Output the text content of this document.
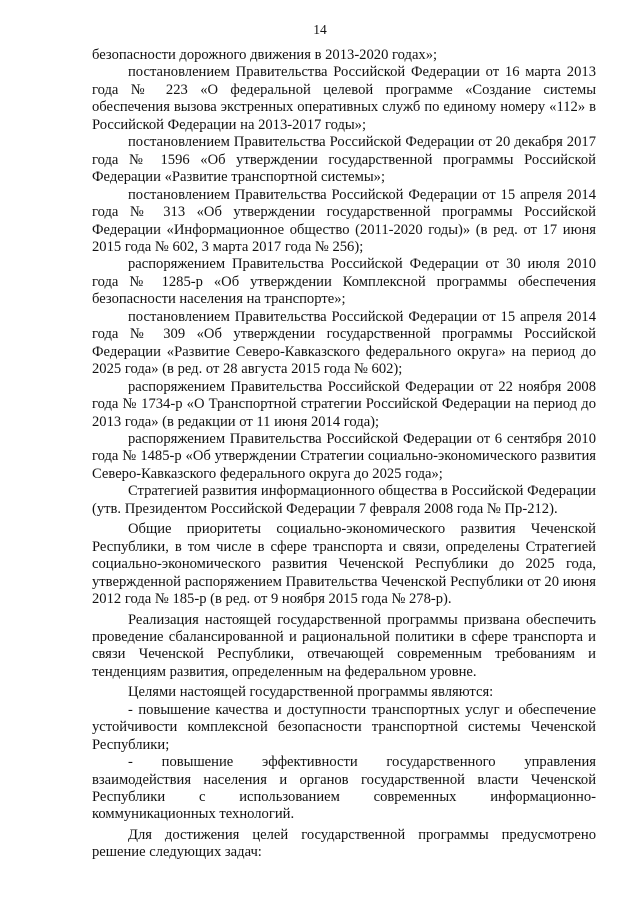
14

безопасности дорожного движения в 2013-2020 годах»;

постановлением Правительства Российской Федерации от 16 марта 2013 года № 223 «О федеральной целевой программе «Создание системы обеспечения вызова экстренных оперативных служб по единому номеру «112» в Российской Федерации на 2013-2017 годы»;

постановлением Правительства Российской Федерации от 20 декабря 2017 года № 1596 «Об утверждении государственной программы Российской Федерации «Развитие транспортной системы»;

постановлением Правительства Российской Федерации от 15 апреля 2014 года № 313 «Об утверждении государственной программы Российской Федерации «Информационное общество (2011-2020 годы)» (в ред. от 17 июня 2015 года № 602, 3 марта 2017 года № 256);

распоряжением Правительства Российской Федерации от 30 июля 2010 года № 1285-р «Об утверждении Комплексной программы обеспечения безопасности населения на транспорте»;

постановлением Правительства Российской Федерации от 15 апреля 2014 года № 309 «Об утверждении государственной программы Российской Федерации «Развитие Северо-Кавказского федерального округа» на период до 2025 года» (в ред. от 28 августа 2015 года № 602);

распоряжением Правительства Российской Федерации от 22 ноября 2008 года № 1734-р «О Транспортной стратегии Российской Федерации на период до 2013 года» (в редакции от 11 июня 2014 года);

распоряжением Правительства Российской Федерации от 6 сентября 2010 года № 1485-р «Об утверждении Стратегии социально-экономического развития Северо-Кавказского федерального округа до 2025 года»;

Стратегией развития информационного общества в Российской Федерации (утв. Президентом Российской Федерации 7 февраля 2008 года № Пр-212).

Общие приоритеты социально-экономического развития Чеченской Республики, в том числе в сфере транспорта и связи, определены Стратегией социально-экономического развития Чеченской Республики до 2025 года, утвержденной распоряжением Правительства Чеченской Республики от 20 июня 2012 года № 185-р (в ред. от 9 ноября 2015 года № 278-р).

Реализация настоящей государственной программы призвана обеспечить проведение сбалансированной и рациональной политики в сфере транспорта и связи Чеченской Республики, отвечающей современным требованиям и тенденциям развития, определенным на федеральном уровне.

Целями настоящей государственной программы являются:

- повышение качества и доступности транспортных услуг и обеспечение устойчивости комплексной безопасности транспортной системы Чеченской Республики;

- повышение эффективности государственного управления взаимодействия населения и органов государственной власти Чеченской Республики с использованием современных информационно-коммуникационных технологий.

Для достижения целей государственной программы предусмотрено решение следующих задач:
